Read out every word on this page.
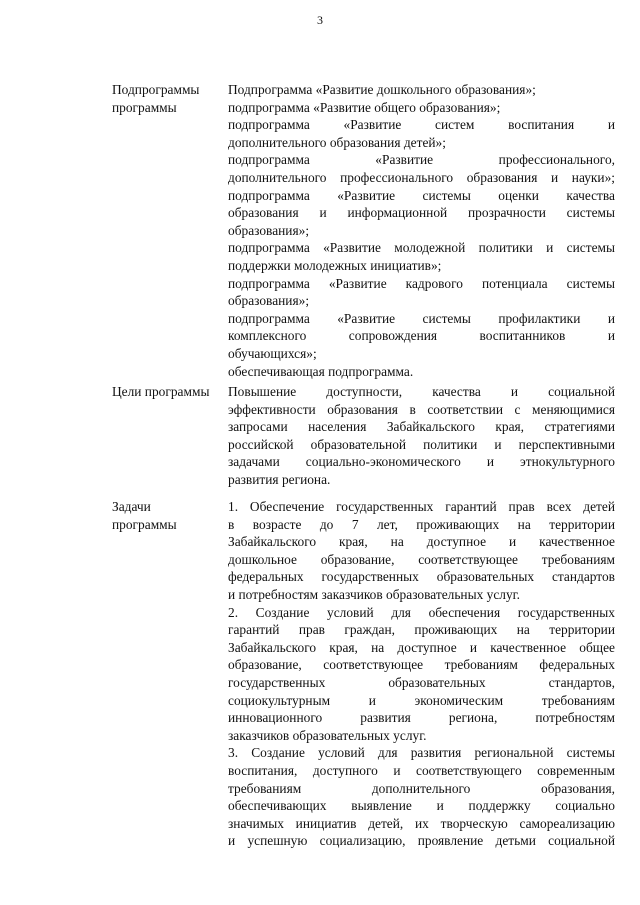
3
Подпрограммы
программы
Подпрограмма «Развитие дошкольного образования»;
подпрограмма «Развитие общего образования»;
подпрограмма «Развитие систем воспитания и
дополнительного образования детей»;
подпрограмма «Развитие профессионального,
дополнительного профессионального образования и науки»;
подпрограмма «Развитие системы оценки качества
образования и информационной прозрачности системы
образования»;
подпрограмма «Развитие молодежной политики и системы
поддержки молодежных инициатив»;
подпрограмма «Развитие кадрового потенциала системы
образования»;
подпрограмма «Развитие системы профилактики и
комплексного сопровождения воспитанников и
обучающихся»;
обеспечивающая подпрограмма.
Цели программы	Повышение доступности, качества и социальной
эффективности образования в соответствии с меняющимися
запросами населения Забайкальского края, стратегиями
российской образовательной политики и перспективными
задачами социально-экономического и этнокультурного
развития региона.
Задачи
программы
1. Обеспечение государственных гарантий прав всех детей
в возрасте до 7 лет, проживающих на территории
Забайкальского края, на доступное и качественное
дошкольное образование, соответствующее требованиям
федеральных государственных образовательных стандартов
и потребностям заказчиков образовательных услуг.
2. Создание условий для обеспечения государственных
гарантий прав граждан, проживающих на территории
Забайкальского края, на доступное и качественное общее
образование, соответствующее требованиям федеральных
государственных образовательных стандартов,
социокультурным и экономическим требованиям
инновационного развития региона, потребностям
заказчиков образовательных услуг.
3. Создание условий для развития региональной системы
воспитания, доступного и соответствующего современным
требованиям дополнительного образования,
обеспечивающих выявление и поддержку социально
значимых инициатив детей, их творческую самореализацию
и успешную социализацию, проявление детьми социальной
